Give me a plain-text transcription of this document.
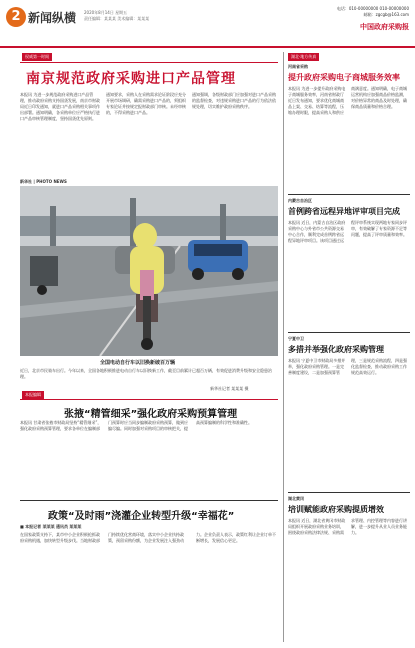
2 新闻纵横 2020年8月14日 星期五
责任编辑：某某某 美术编辑：某某某
电话：010-00000000 010-00000000
邮箱：zgcgb@163.com
中国政府采购报
权威第一时间
南京规范政府采购进口产品管理
本报讯 为进一步规范政府采购进口产品管理，推动政府采购支持国货发展，南京市财政局近日印发通知，就进口产品采购相关事项作出部署。通知明确，各采购单位应严格执行进口产品审核管理制度，坚持国货优先原则。
通知要求，采购人在采购需求论证阶段应充分开展市场调研，确需采购进口产品的，须组织专家论证并按规定报财政部门审核。未经审核的，不得采购进口产品。
通知强调，各级财政部门应加强对进口产品采购的监督检查，对违规采购进口产品的行为依法依规处理，切实维护政府采购秩序。
新华社 | PHOTO NEWS
全国电动自行车以旧换新破百万辆
近日，北京市民骑车出行。今年以来，全国各地积极推进电动自行车以旧换新工作，截至目前累计已超百万辆，有效促进消费升级和安全隐患治理。
新华社记者 某某某 摄
本报编辑
张掖“精管细采”强化政府采购预算管理
本报讯 甘肃省张掖市财政局坚持“精管细采”，强化政府采购预算管理，要求各单位在编制部门预算时应当同步编制政府采购预算，做到应编尽编。同时加强对采购项目的审核把关，提高预算编制的科学性和准确性。
政策“及时雨”浇灌企业转型升级“幸福花”
■ 本报记者 某某某 通讯员 某某某
在国家政策支持下，某市中小企业积极抢抓政府采购机遇，加快转型升级步伐。当地财政部门持续优化营商环境，落实中小企业扶持政策，预留采购份额，为企业发展注入强劲动力。企业负责人表示，政策红利让企业订单不断增长，发展信心更足。
湖北·地方传真
河南省采购
提升政府采购电子商城服务效率
本报讯 为进一步提升政府采购电子商城服务效率，河南省财政厅近日发布通知，要求优化商城商品上架、交易、结算等流程，压缩办理时限，提高采购人和供应商满意度。通知明确，电子商城运营机构应加强商品价格监测，对价格异常的商品及时处理，确保商品质量和价格合理。
内蒙古自治区
首例跨省远程异地评审项目完成
本报讯 近日，内蒙古自治区政府采购中心与外省市公共资源交易中心合作，顺利完成首例跨省远程异地评审项目。该项目通过远程评审系统实现两地专家同步评审，有效破解了专家资源不足等问题，提高了评审质量和效率。
宁夏中卫
多措并举强化政府采购管理
本报讯 宁夏中卫市财政局多措并举，强化政府采购管理。一是完善制度建设，二是加强预算管理，三是规范采购流程，四是强化监督检查，推动政府采购工作规范高效运行。
湖北黄冈
培训赋能政府采购提质增效
本报讯 近日，湖北省黄冈市财政局组织开展政府采购业务培训，围绕政府采购法律法规、采购需求管理、内控管理等内容进行讲解，进一步提升从业人员业务能力。
